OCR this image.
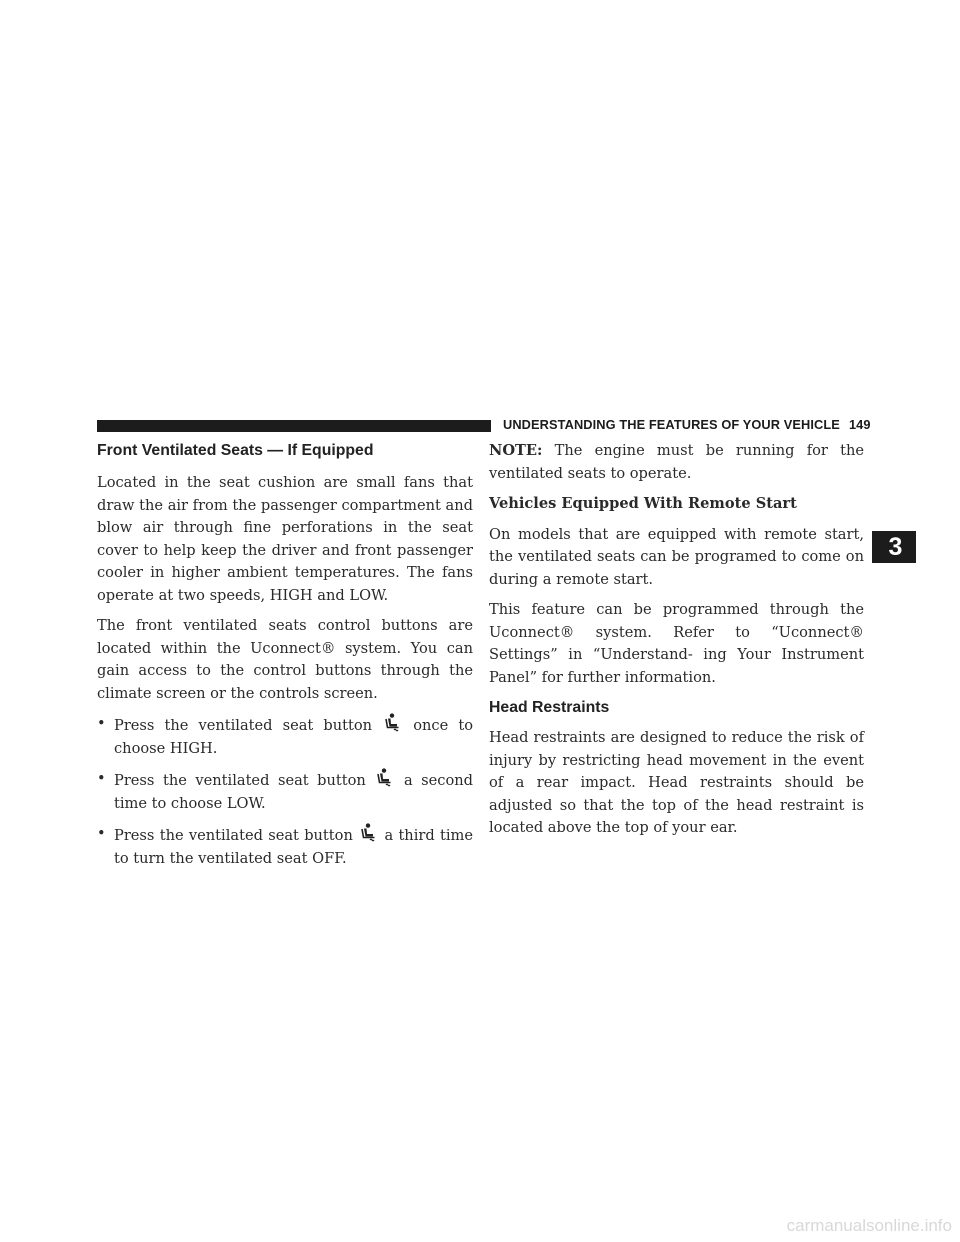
UNDERSTANDING THE FEATURES OF YOUR VEHICLE 149
Front Ventilated Seats — If Equipped

Located in the seat cushion are small fans that draw the air from the passenger compartment and blow air through fine perforations in the seat cover to help keep the driver and front passenger cooler in higher ambient temperatures. The fans operate at two speeds, HIGH and LOW.

The front ventilated seats control buttons are located within the Uconnect® system. You can gain access to the control buttons through the climate screen or the controls screen.

• Press the ventilated seat button	once to choose HIGH.
• Press the ventilated seat button	a second time to choose LOW.
• Press the ventilated seat button a third time to turn the ventilated seat OFF.

NOTE: The engine must be running for the ventilated seats to operate.

Vehicles Equipped With Remote Start

On models that are equipped with remote start, the ventilated seats can be programed to come on during a remote start.

This feature can be programmed through the Uconnect® system. Refer to “Uconnect® Settings” in “Understand- ing Your Instrument Panel” for further information.

Head Restraints

Head restraints are designed to reduce the risk of injury by restricting head movement in the event of a rear impact. Head restraints should be adjusted so that the top of the head restraint is located above the top of your ear.

3
carmanualsonline.info
